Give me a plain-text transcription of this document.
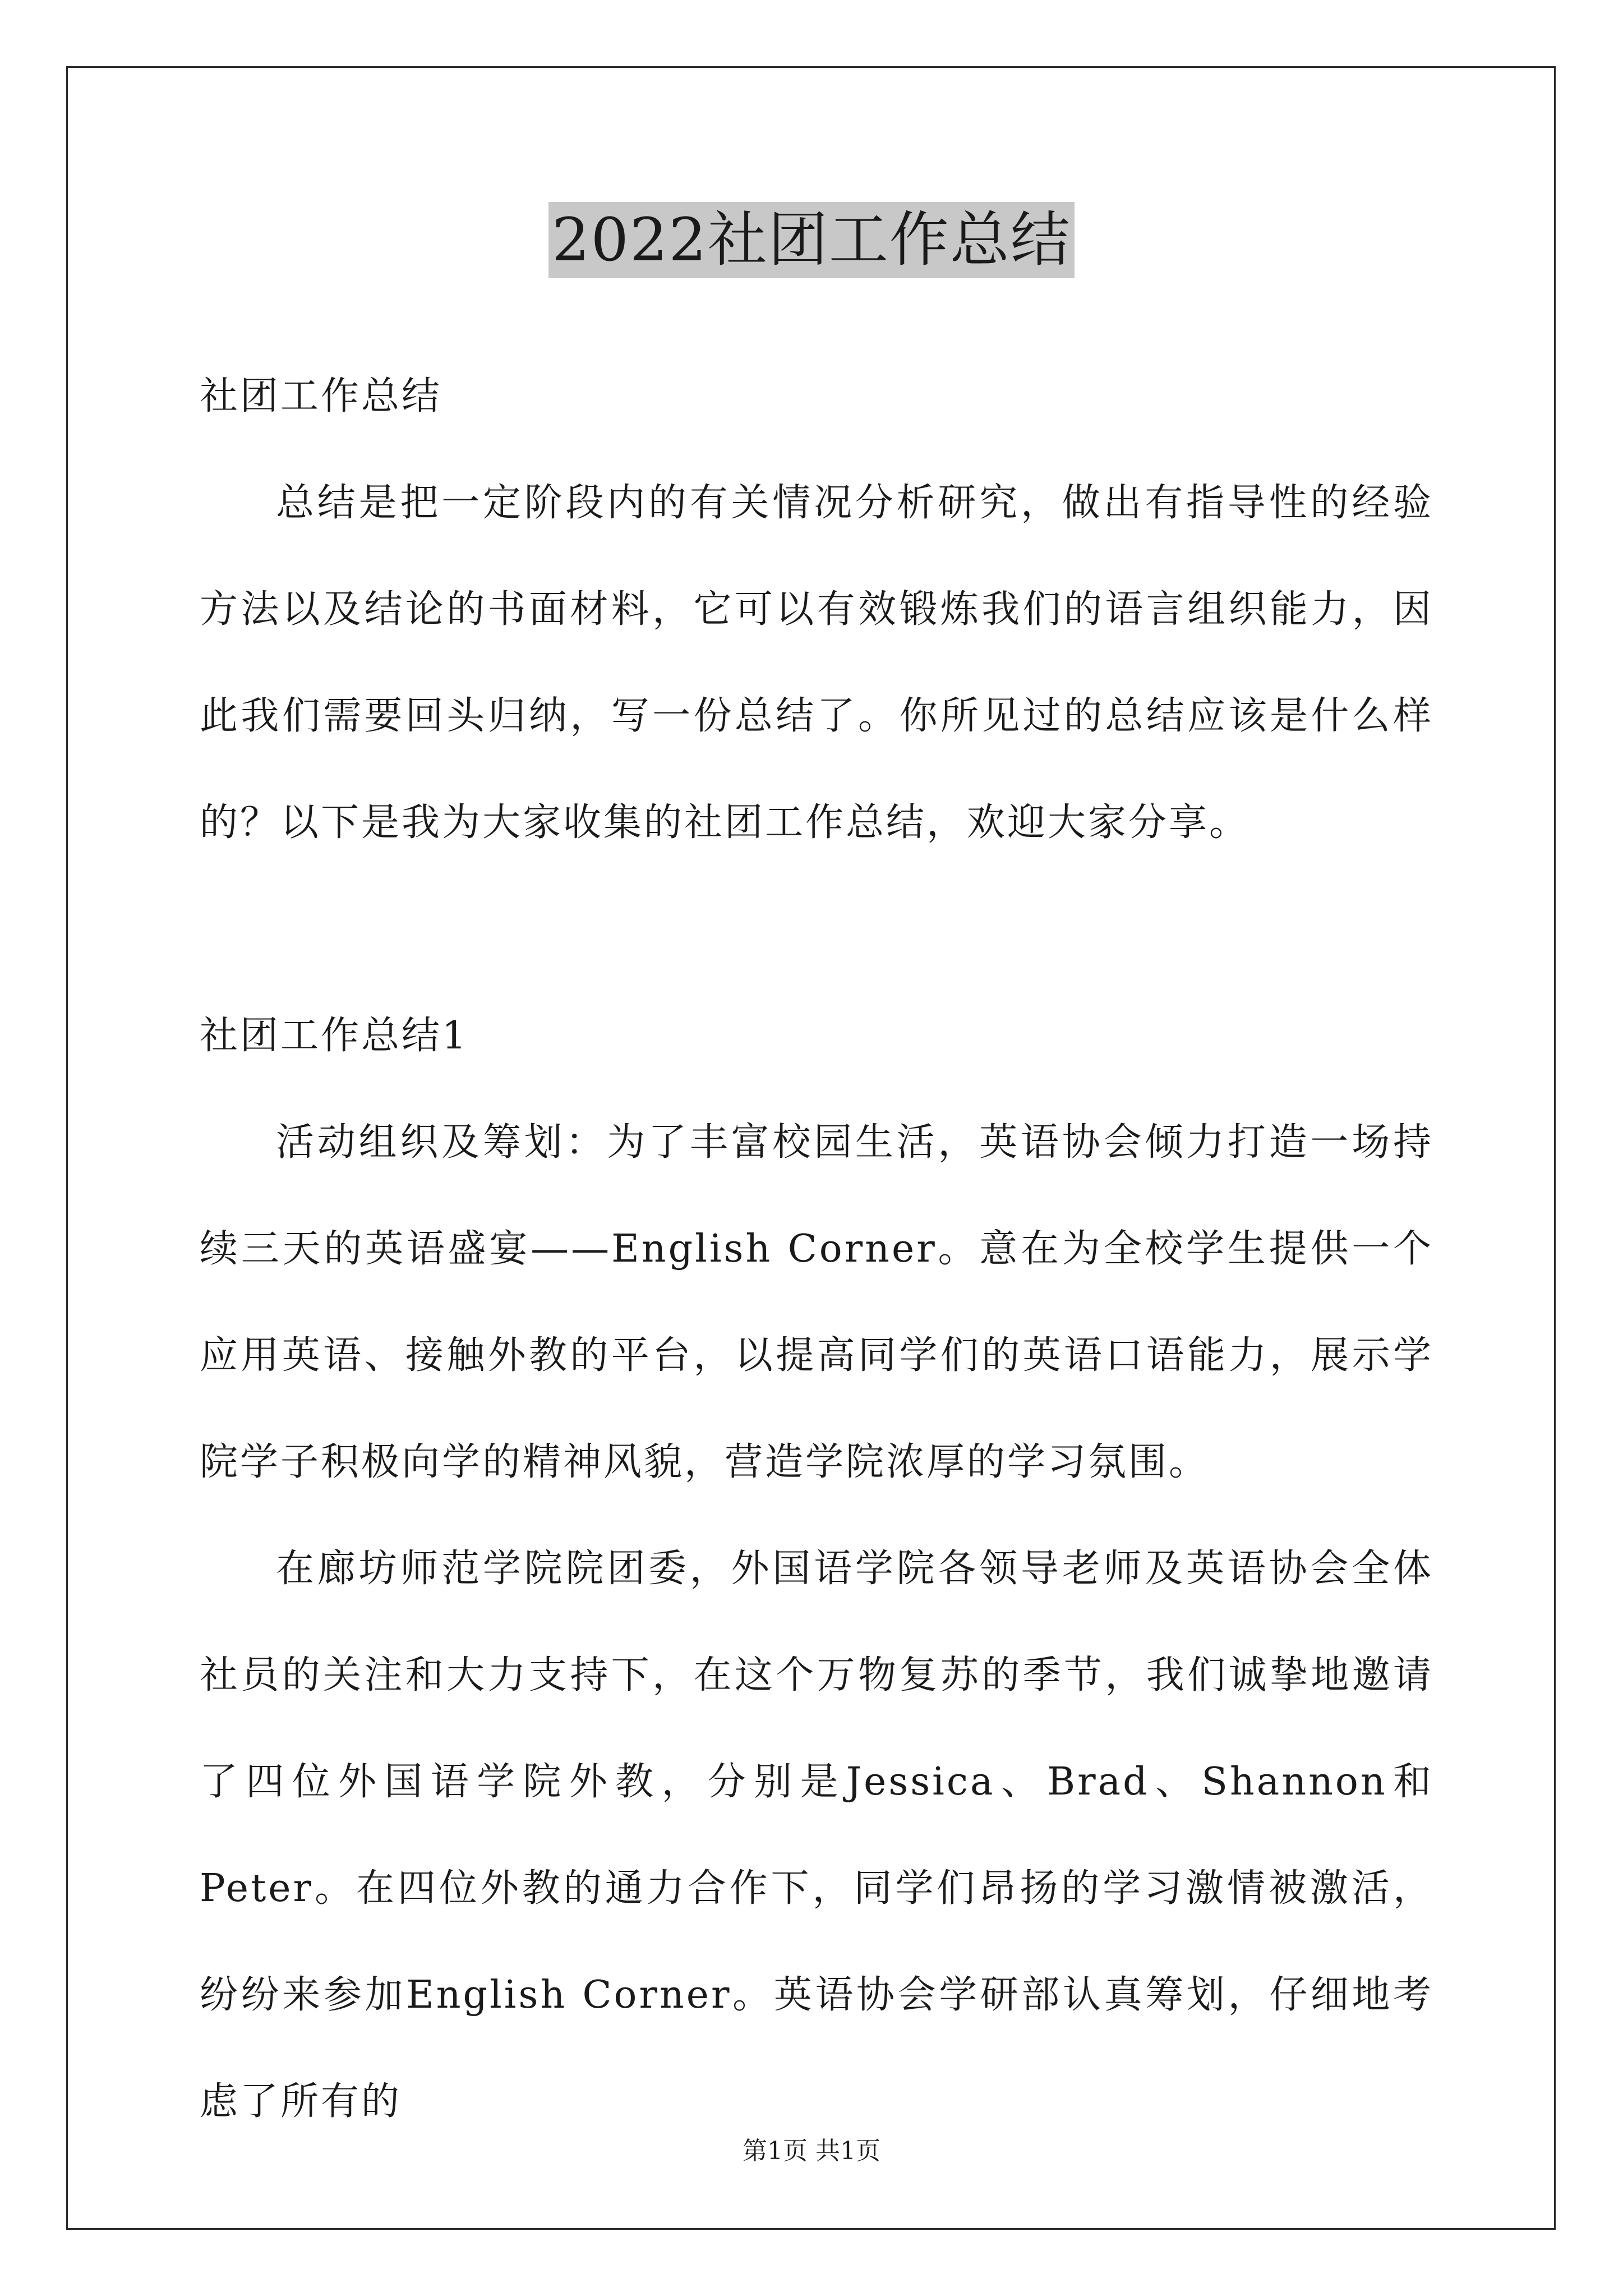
2022社团工作总结

社团工作总结

总结是把一定阶段内的有关情况分析研究，做出有指导性的经验方法以及结论的书面材料，它可以有效锻炼我们的语言组织能力，因此我们需要回头归纳，写一份总结了。你所见过的总结应该是什么样的？以下是我为大家收集的社团工作总结，欢迎大家分享。

社团工作总结1

活动组织及筹划：为了丰富校园生活，英语协会倾力打造一场持续三天的英语盛宴——English Corner。意在为全校学生提供一个应用英语、接触外教的平台，以提高同学们的英语口语能力，展示学院学子积极向学的精神风貌，营造学院浓厚的学习氛围。

在廊坊师范学院院团委，外国语学院各领导老师及英语协会全体社员的关注和大力支持下，在这个万物复苏的季节，我们诚挚地邀请了四位外国语学院外教，分别是Jessica、Brad、Shannon和Peter。在四位外教的通力合作下，同学们昂扬的学习激情被激活，纷纷来参加English Corner。英语协会学研部认真筹划，仔细地考虑了所有的

第1页 共1页
